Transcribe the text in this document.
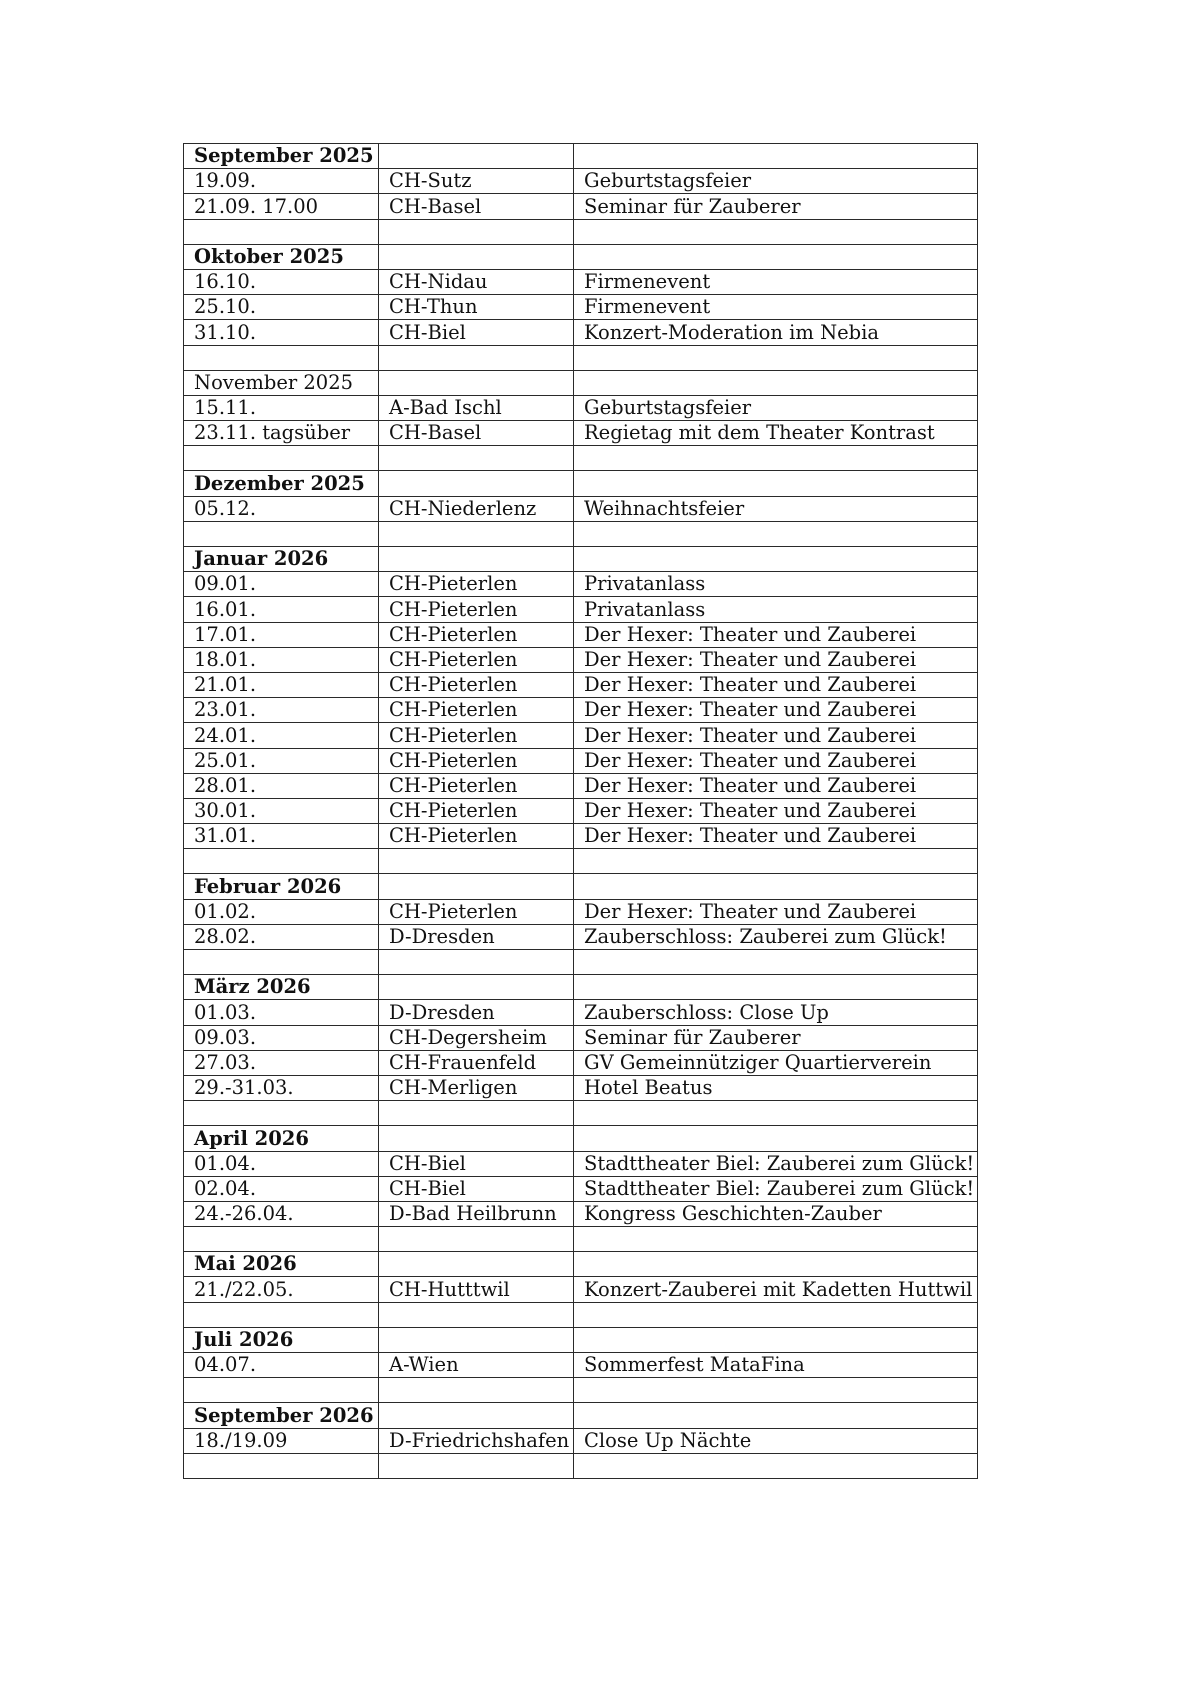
September 2025		
19.09.	CH-Sutz	Geburtstagsfeier
21.09. 17.00	CH-Basel	Seminar für Zauberer

Oktober 2025		
16.10.	CH-Nidau	Firmenevent
25.10.	CH-Thun	Firmenevent
31.10.	CH-Biel	Konzert-Moderation im Nebia

November 2025		
15.11.	A-Bad Ischl	Geburtstagsfeier
23.11. tagsüber	CH-Basel	Regietag mit dem Theater Kontrast

Dezember 2025		
05.12.	CH-Niederlenz	Weihnachtsfeier

Januar 2026		
09.01.	CH-Pieterlen	Privatanlass
16.01.	CH-Pieterlen	Privatanlass
17.01.	CH-Pieterlen	Der Hexer: Theater und Zauberei
18.01.	CH-Pieterlen	Der Hexer: Theater und Zauberei
21.01.	CH-Pieterlen	Der Hexer: Theater und Zauberei
23.01.	CH-Pieterlen	Der Hexer: Theater und Zauberei
24.01.	CH-Pieterlen	Der Hexer: Theater und Zauberei
25.01.	CH-Pieterlen	Der Hexer: Theater und Zauberei
28.01.	CH-Pieterlen	Der Hexer: Theater und Zauberei
30.01.	CH-Pieterlen	Der Hexer: Theater und Zauberei
31.01.	CH-Pieterlen	Der Hexer: Theater und Zauberei

Februar 2026		
01.02.	CH-Pieterlen	Der Hexer: Theater und Zauberei
28.02.	D-Dresden	Zauberschloss: Zauberei zum Glück!

März 2026		
01.03.	D-Dresden	Zauberschloss: Close Up
09.03.	CH-Degersheim	Seminar für Zauberer
27.03.	CH-Frauenfeld	GV Gemeinnütziger Quartierverein
29.-31.03.	CH-Merligen	Hotel Beatus

April 2026		
01.04.	CH-Biel	Stadttheater Biel: Zauberei zum Glück!
02.04.	CH-Biel	Stadttheater Biel: Zauberei zum Glück!
24.-26.04.	D-Bad Heilbrunn	Kongress Geschichten-Zauber

Mai 2026		
21./22.05.	CH-Hutttwil	Konzert-Zauberei mit Kadetten Huttwil

Juli 2026		
04.07.	A-Wien	Sommerfest MataFina

September 2026		
18./19.09	D-Friedrichshafen	Close Up Nächte
